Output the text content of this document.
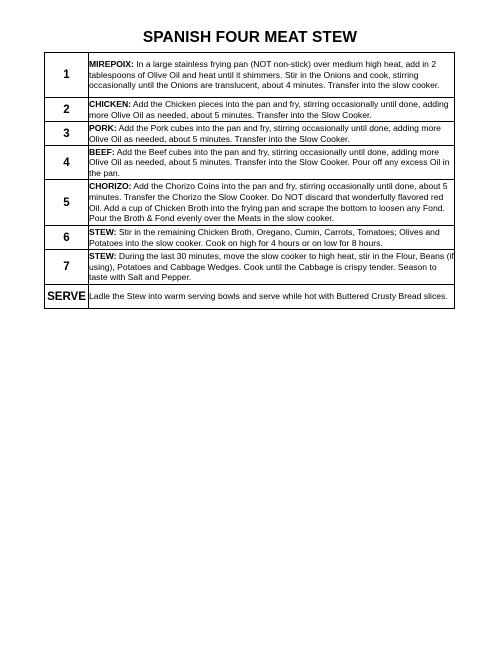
SPANISH FOUR MEAT STEW
1	MIREPOIX: In a large stainless frying pan (NOT non-stick) over medium high heat, add in 2 tablespoons of Olive Oil and heat until it shimmers. Stir in the Onions and cook, stirring occasionally until the Onions are translucent, about 4 minutes. Transfer into the slow cooker.
2	CHICKEN: Add the Chicken pieces into the pan and fry, stirring occasionally until done, adding more Olive Oil as needed, about 5 minutes. Transfer into the Slow Cooker.
3	PORK: Add the Pork cubes into the pan and fry, stirring occasionally until done, adding more Olive Oil as needed, about 5 minutes. Transfer into the Slow Cooker.
4	BEEF: Add the Beef cubes into the pan and fry, stirring occasionally until done, adding more Olive Oil as needed, about 5 minutes. Transfer into the Slow Cooker. Pour off any excess Oil in the pan.
5	CHORIZO: Add the Chorizo Coins into the pan and fry, stirring occasionally until done, about 5 minutes. Transfer the Chorizo the Slow Cooker. Do NOT discard that wonderfully flavored red Oil. Add a cup of Chicken Broth into the frying pan and scrape the bottom to loosen any Fond. Pour the Broth & Fond evenly over the Meats in the slow cooker.
6	STEW: Stir in the remaining Chicken Broth, Oregano, Cumin, Carrots, Tomatoes; Olives and Potatoes into the slow cooker. Cook on high for 4 hours or on low for 8 hours.
7	STEW: During the last 30 minutes, move the slow cooker to high heat, stir in the Flour, Beans (if using), Potatoes and Cabbage Wedges. Cook until the Cabbage is crispy tender. Season to taste with Salt and Pepper.
SERVE	Ladle the Stew into warm serving bowls and serve while hot with Buttered Crusty Bread slices.
